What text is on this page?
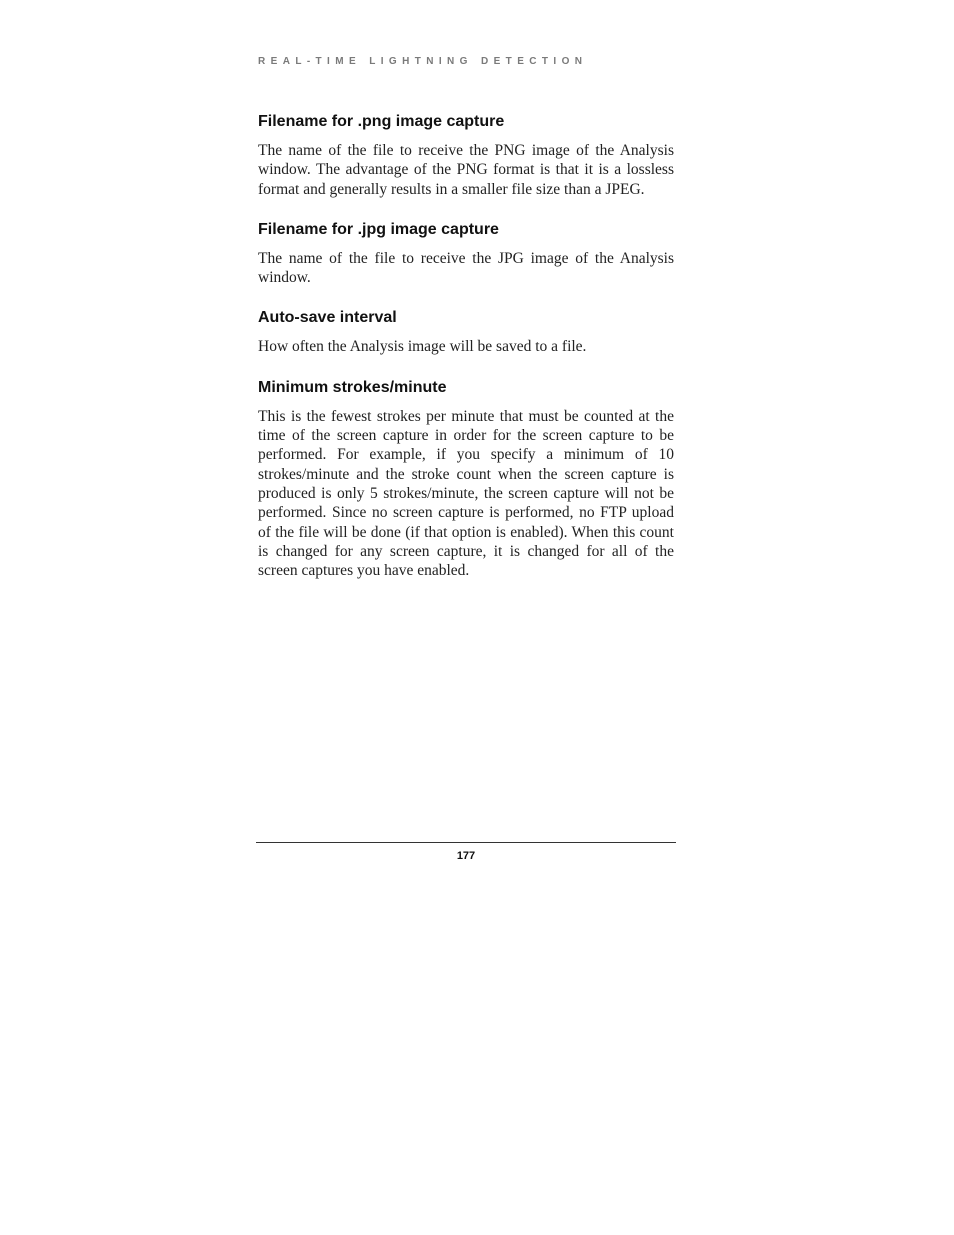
REAL-TIME LIGHTNING DETECTION
Filename for .png image capture

The name of the file to receive the PNG image of the Analysis window. The advantage of the PNG format is that it is a lossless format and generally results in a smaller file size than a JPEG.

Filename for .jpg image capture

The name of the file to receive the JPG image of the Analysis window.

Auto-save interval

How often the Analysis image will be saved to a file.

Minimum strokes/minute

This is the fewest strokes per minute that must be counted at the time of the screen capture in order for the screen capture to be performed. For example, if you specify a minimum of 10 strokes/minute and the stroke count when the screen capture is produced is only 5 strokes/minute, the screen capture will not be performed. Since no screen capture is performed, no FTP upload of the file will be done (if that option is enabled). When this count is changed for any screen capture, it is changed for all of the screen captures you have enabled.

177
